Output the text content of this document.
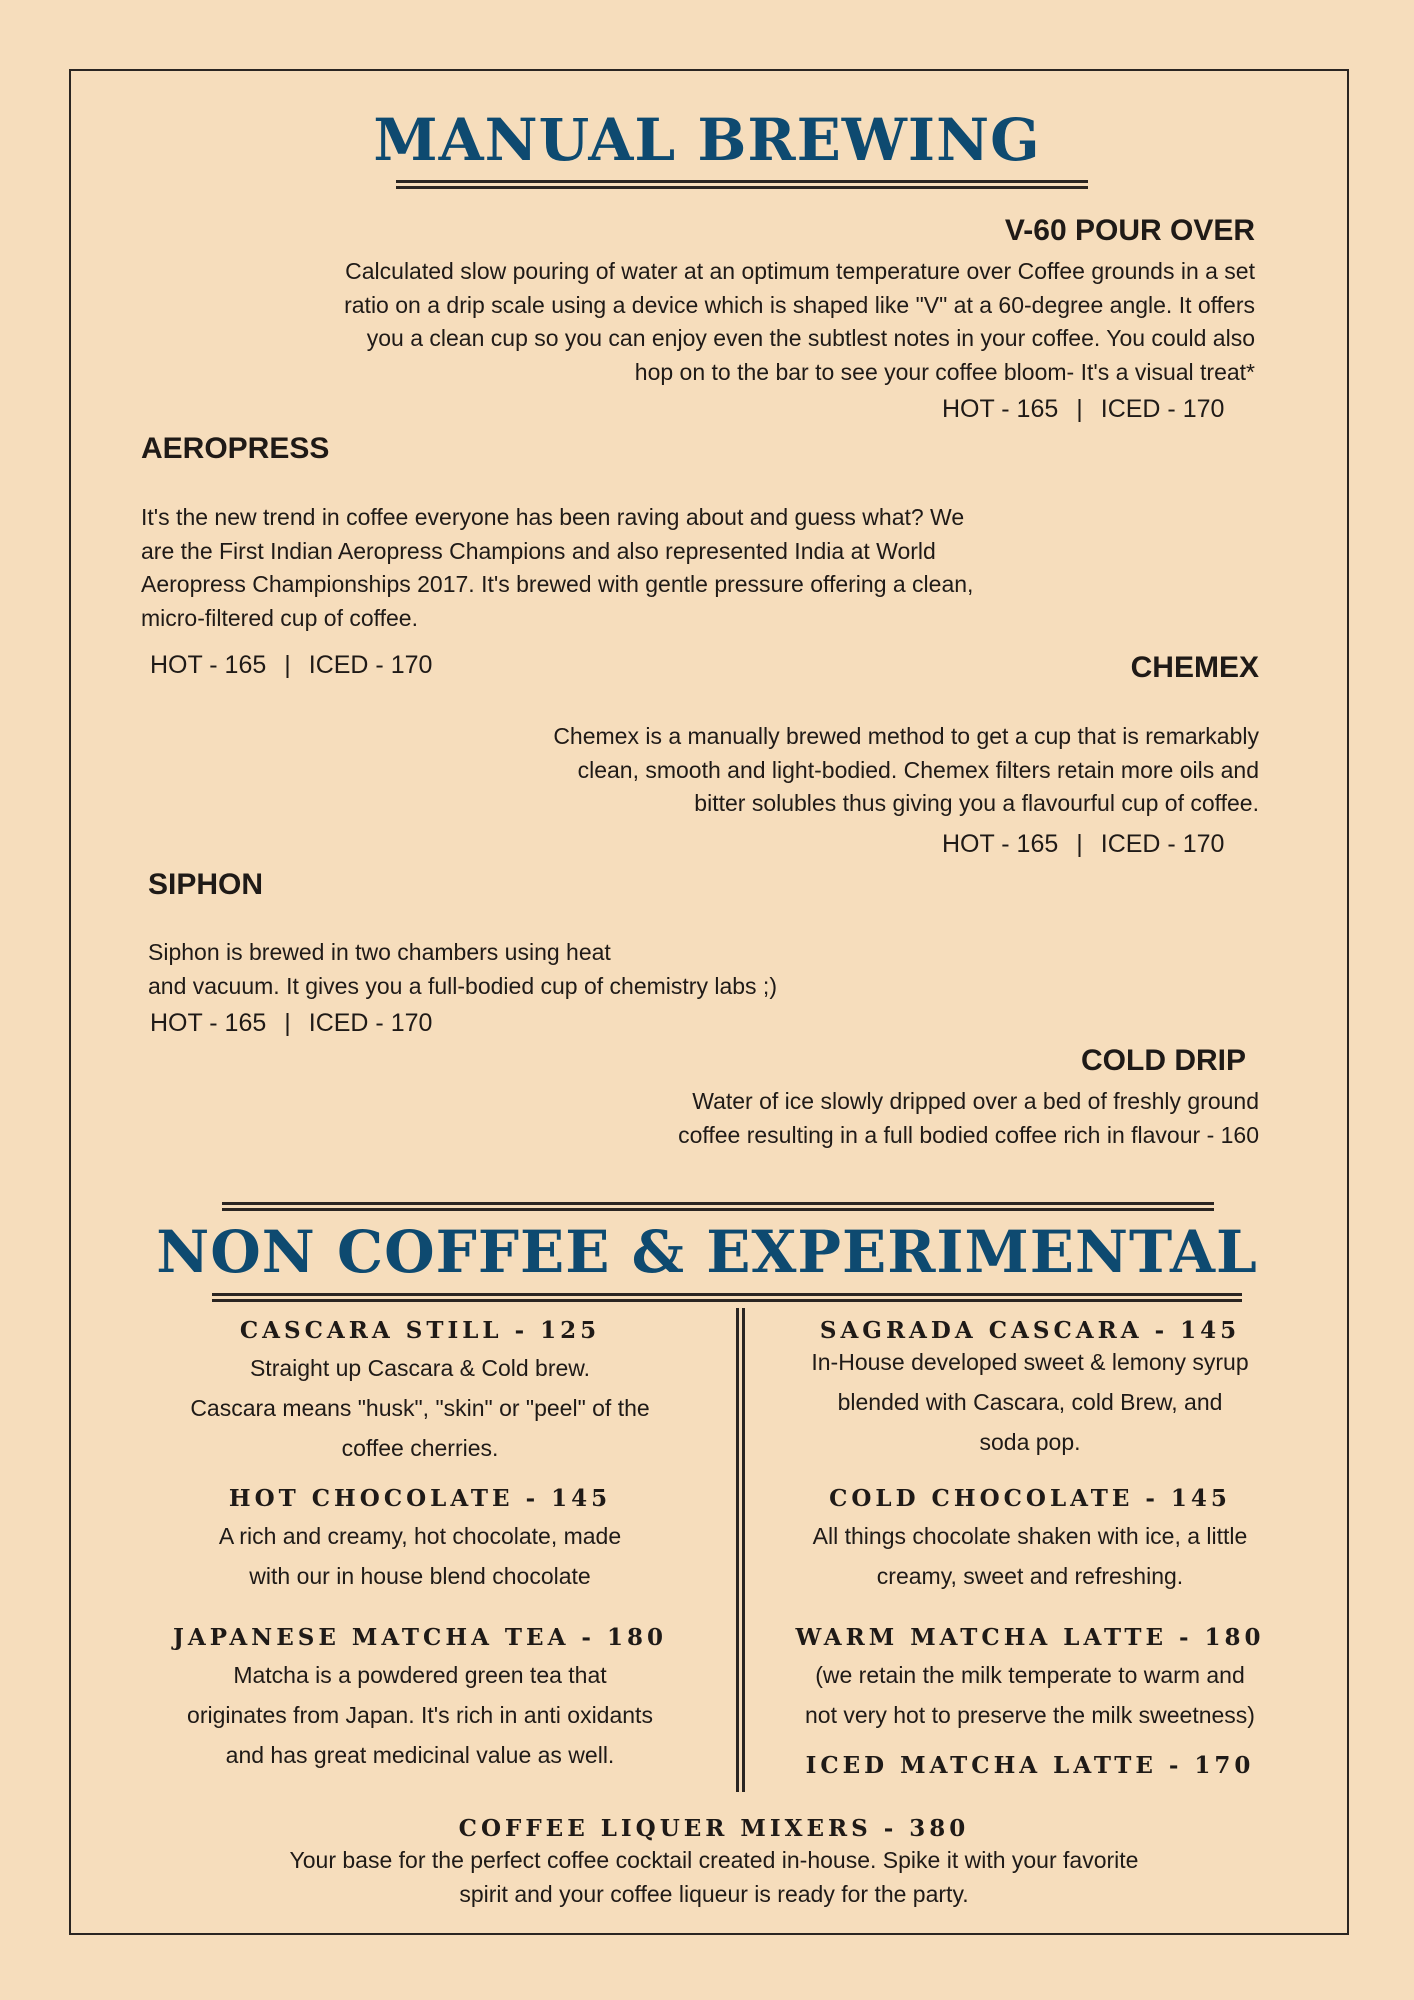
MANUAL BREWING
V-60 POUR OVER
Calculated slow pouring of water at an optimum temperature over Coffee grounds in a set
ratio on a drip scale using a device which is shaped like "V" at a 60-degree angle. It offers
you a clean cup so you can enjoy even the subtlest notes in your coffee. You could also
hop on to the bar to see your coffee bloom- It's a visual treat*
HOT - 165 | ICED - 170
AEROPRESS
It's the new trend in coffee everyone has been raving about and guess what? We
are the First Indian Aeropress Champions and also represented India at World
Aeropress Championships 2017. It's brewed with gentle pressure offering a clean,
micro-filtered cup of coffee.
HOT - 165 | ICED - 170	CHEMEX
Chemex is a manually brewed method to get a cup that is remarkably
clean, smooth and light-bodied. Chemex filters retain more oils and
bitter solubles thus giving you a flavourful cup of coffee.
HOT - 165 | ICED - 170
SIPHON
Siphon is brewed in two chambers using heat
and vacuum. It gives you a full-bodied cup of chemistry labs ;)
HOT - 165 | ICED - 170
COLD DRIP
Water of ice slowly dripped over a bed of freshly ground
coffee resulting in a full bodied coffee rich in flavour - 160
NON COFFEE & EXPERIMENTAL
CASCARA STILL - 125
Straight up Cascara & Cold brew.
Cascara means "husk", "skin" or "peel" of the
coffee cherries.
HOT CHOCOLATE - 145
A rich and creamy, hot chocolate, made
with our in house blend chocolate
JAPANESE MATCHA TEA - 180
Matcha is a powdered green tea that
originates from Japan. It's rich in anti oxidants
and has great medicinal value as well.
SAGRADA CASCARA - 145
In-House developed sweet & lemony syrup
blended with Cascara, cold Brew, and
soda pop.
COLD CHOCOLATE - 145
All things chocolate shaken with ice, a little
creamy, sweet and refreshing.
WARM MATCHA LATTE - 180
(we retain the milk temperate to warm and
not very hot to preserve the milk sweetness)
ICED MATCHA LATTE - 170
COFFEE LIQUER MIXERS - 380
Your base for the perfect coffee cocktail created in-house. Spike it with your favorite
spirit and your coffee liqueur is ready for the party.
